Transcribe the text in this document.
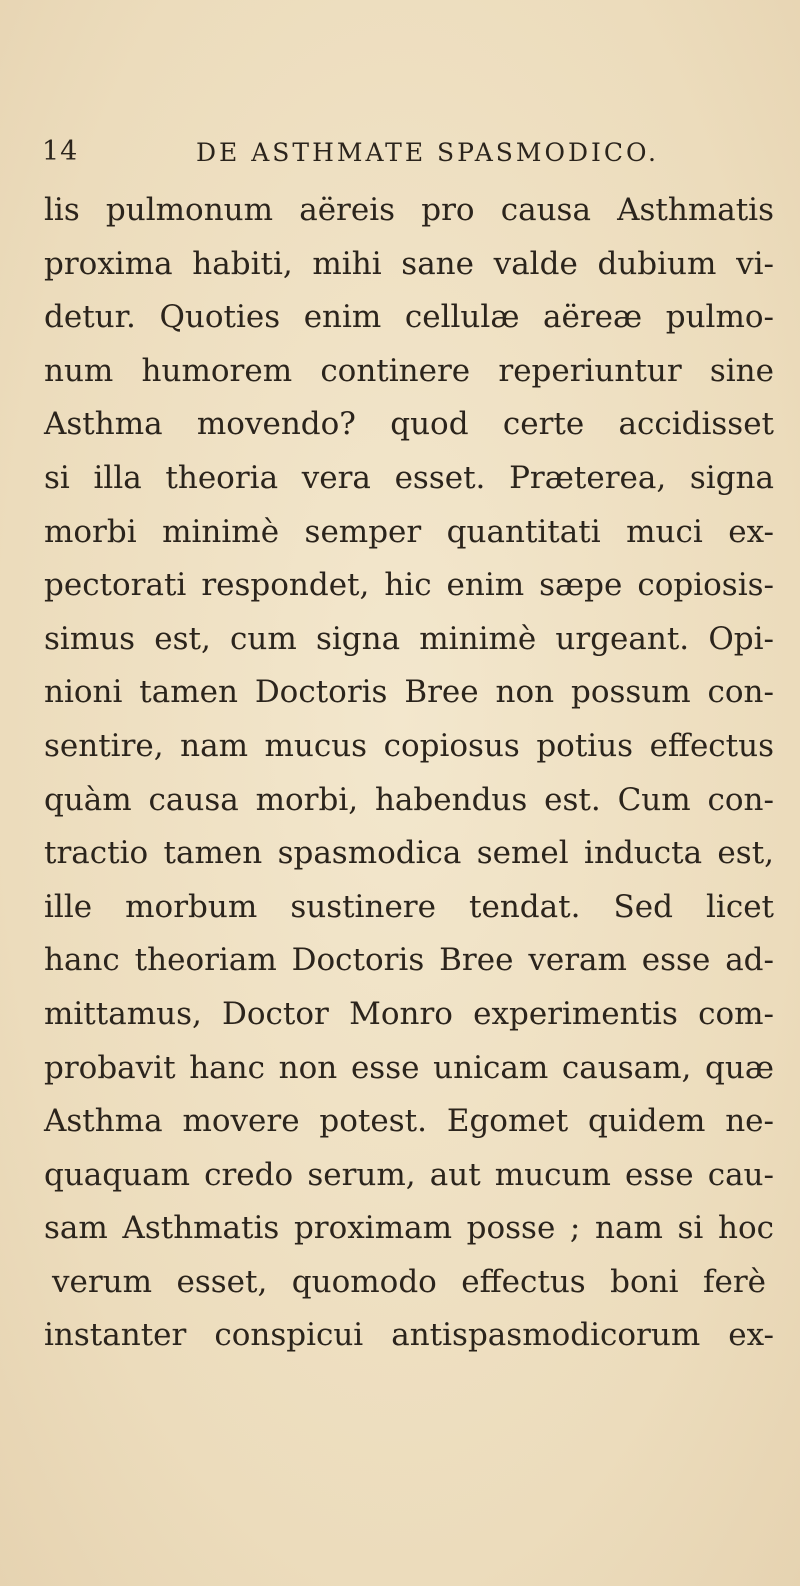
14	DE ASTHMATE SPASMODICO.
lis pulmonum aëreis pro causa Asthmatis
proxima habiti, mihi sane valde dubium vi-
detur. Quoties enim cellulæ aëreæ pulmo-
num humorem continere reperiuntur sine
Asthma movendo? quod certe accidisset
si illa theoria vera esset. Præterea, signa
morbi minimè semper quantitati muci ex-
pectorati respondet, hic enim sæpe copiosis-
simus est, cum signa minimè urgeant. Opi-
nioni tamen Doctoris Bree non possum con-
sentire, nam mucus copiosus potius effectus
quàm causa morbi, habendus est. Cum con-
tractio tamen spasmodica semel inducta est,
ille morbum sustinere tendat. Sed licet
hanc theoriam Doctoris Bree veram esse ad-
mittamus, Doctor Monro experimentis com-
probavit hanc non esse unicam causam, quæ
Asthma movere potest. Egomet quidem ne-
quaquam credo serum, aut mucum esse cau-
sam Asthmatis proximam posse ; nam si hoc
verum esset, quomodo effectus boni ferè
instanter conspicui antispasmodicorum ex-
